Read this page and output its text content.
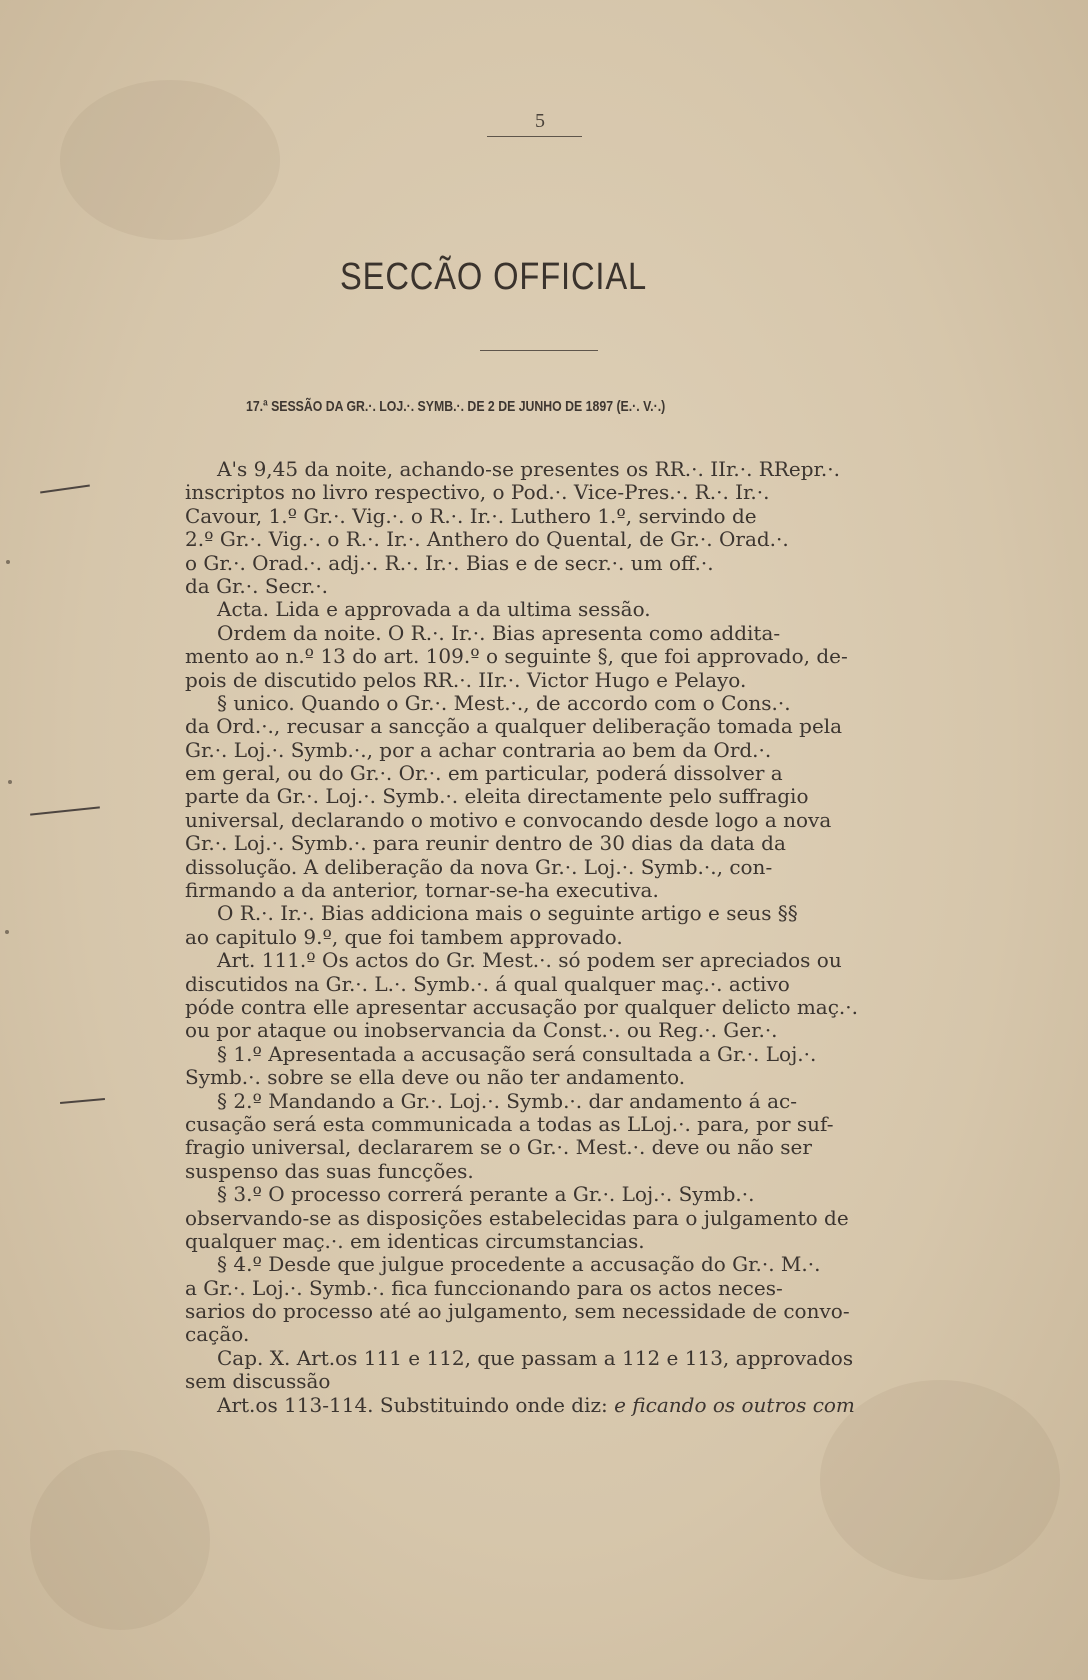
5
SECCÃO OFFICIAL
17.ª SESSÃO DA GR.·. LOJ.·. SYMB.·. DE 2 DE JUNHO DE 1897 (E.·. V.·.)
A's 9,45 da noite, achando-se presentes os RR.·. IIr.·. RRepr.·.
inscriptos no livro respectivo, o Pod.·. Vice-Pres.·. R.·. Ir.·.
Cavour, 1.º Gr.·. Vig.·. o R.·. Ir.·. Luthero 1.º, servindo de
2.º Gr.·. Vig.·. o R.·. Ir.·. Anthero do Quental, de Gr.·. Orad.·.
o Gr.·. Orad.·. adj.·. R.·. Ir.·. Bias e de secr.·. um off.·.
da Gr.·. Secr.·.
Acta. Lida e approvada a da ultima sessão.
Ordem da noite. O R.·. Ir.·. Bias apresenta como addita-
mento ao n.º 13 do art. 109.º o seguinte §, que foi approvado, de-
pois de discutido pelos RR.·. IIr.·. Victor Hugo e Pelayo.
§ unico. Quando o Gr.·. Mest.·., de accordo com o Cons.·.
da Ord.·., recusar a sancção a qualquer deliberação tomada pela
Gr.·. Loj.·. Symb.·., por a achar contraria ao bem da Ord.·.
em geral, ou do Gr.·. Or.·. em particular, poderá dissolver a
parte da Gr.·. Loj.·. Symb.·. eleita directamente pelo suffragio
universal, declarando o motivo e convocando desde logo a nova
Gr.·. Loj.·. Symb.·. para reunir dentro de 30 dias da data da
dissolução. A deliberação da nova Gr.·. Loj.·. Symb.·., con-
firmando a da anterior, tornar-se-ha executiva.
O R.·. Ir.·. Bias addiciona mais o seguinte artigo e seus §§
ao capitulo 9.º, que foi tambem approvado.
Art. 111.º Os actos do Gr. Mest.·. só podem ser apreciados ou
discutidos na Gr.·. L.·. Symb.·. á qual qualquer maç.·. activo
póde contra elle apresentar accusação por qualquer delicto maç.·.
ou por ataque ou inobservancia da Const.·. ou Reg.·. Ger.·.
§ 1.º Apresentada a accusação será consultada a Gr.·. Loj.·.
Symb.·. sobre se ella deve ou não ter andamento.
§ 2.º Mandando a Gr.·. Loj.·. Symb.·. dar andamento á ac-
cusação será esta communicada a todas as LLoj.·. para, por suf-
fragio universal, declararem se o Gr.·. Mest.·. deve ou não ser
suspenso das suas funcções.
§ 3.º O processo correrá perante a Gr.·. Loj.·. Symb.·.
observando-se as disposições estabelecidas para o julgamento de
qualquer maç.·. em identicas circumstancias.
§ 4.º Desde que julgue procedente a accusação do Gr.·. M.·.
a Gr.·. Loj.·. Symb.·. fica funccionando para os actos neces-
sarios do processo até ao julgamento, sem necessidade de convo-
cação.
Cap. X. Art.os 111 e 112, que passam a 112 e 113, approvados
sem discussão
Art.os 113-114. Substituindo onde diz: e ficando os outros com
